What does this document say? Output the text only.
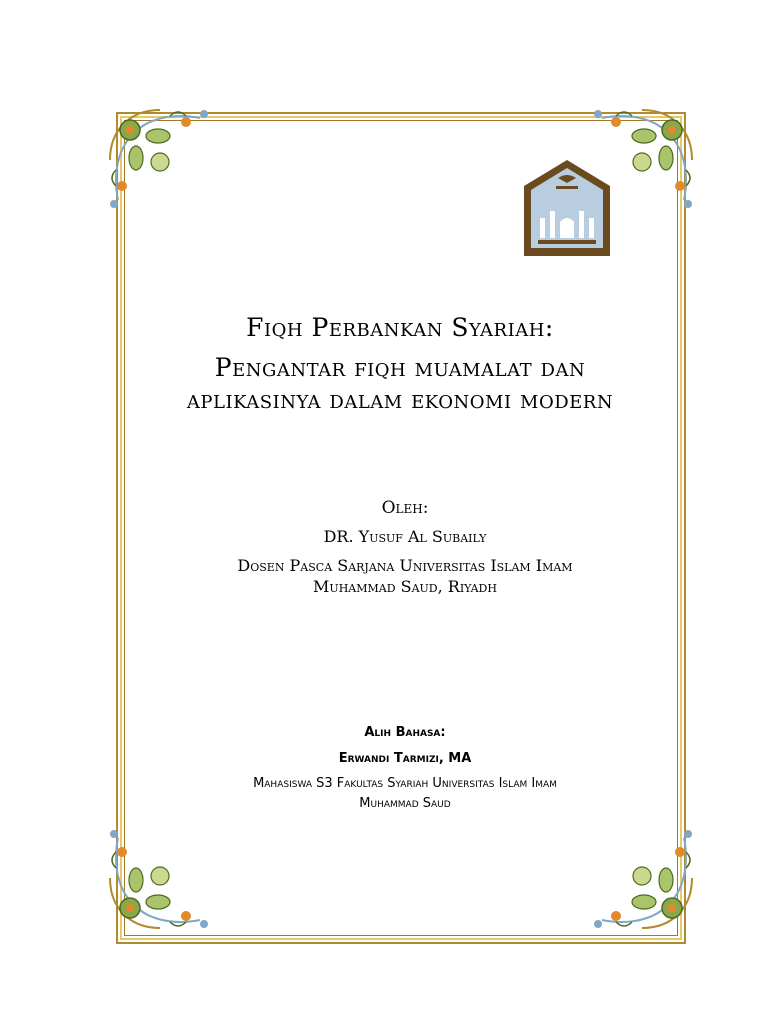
Fiqh Perbankan Syariah:
Pengantar fiqh muamalat dan
aplikasinya dalam ekonomi modern
Oleh:
DR. Yusuf Al Subaily
Dosen Pasca Sarjana Universitas Islam Imam
Muhammad Saud, Riyadh
Alih Bahasa:
Erwandi Tarmizi, MA
Mahasiswa S3 Fakultas Syariah Universitas Islam Imam
Muhammad Saud
